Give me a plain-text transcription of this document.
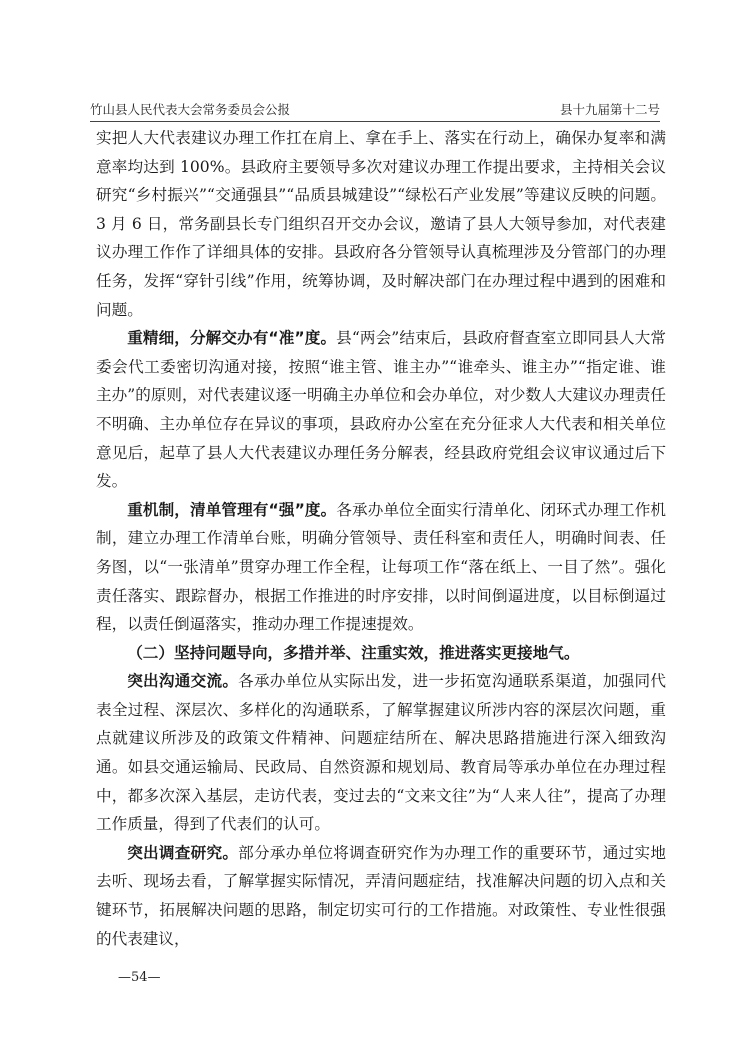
竹山县人民代表大会常务委员会公报	县十九届第十二号

实把人大代表建议办理工作扛在肩上、拿在手上、落实在行动上，确保办复率和满意率均达到 100%。县政府主要领导多次对建议办理工作提出要求，主持相关会议研究“乡村振兴”“交通强县”“品质县城建设”“绿松石产业发展”等建议反映的问题。3 月 6 日，常务副县长专门组织召开交办会议，邀请了县人大领导参加，对代表建议办理工作作了详细具体的安排。县政府各分管领导认真梳理涉及分管部门的办理任务，发挥“穿针引线”作用，统筹协调，及时解决部门在办理过程中遇到的困难和问题。

重精细，分解交办有“准”度。县“两会”结束后，县政府督查室立即同县人大常委会代工委密切沟通对接，按照“谁主管、谁主办”“谁牵头、谁主办”“指定谁、谁主办”的原则，对代表建议逐一明确主办单位和会办单位，对少数人大建议办理责任不明确、主办单位存在异议的事项，县政府办公室在充分征求人大代表和相关单位意见后，起草了县人大代表建议办理任务分解表，经县政府党组会议审议通过后下发。

重机制，清单管理有“强”度。各承办单位全面实行清单化、闭环式办理工作机制，建立办理工作清单台账，明确分管领导、责任科室和责任人，明确时间表、任务图，以“一张清单”贯穿办理工作全程，让每项工作“落在纸上、一目了然”。强化责任落实、跟踪督办，根据工作推进的时序安排，以时间倒逼进度，以目标倒逼过程，以责任倒逼落实，推动办理工作提速提效。

（二）坚持问题导向，多措并举、注重实效，推进落实更接地气。

突出沟通交流。各承办单位从实际出发，进一步拓宽沟通联系渠道，加强同代表全过程、深层次、多样化的沟通联系，了解掌握建议所涉内容的深层次问题，重点就建议所涉及的政策文件精神、问题症结所在、解决思路措施进行深入细致沟通。如县交通运输局、民政局、自然资源和规划局、教育局等承办单位在办理过程中，都多次深入基层，走访代表，变过去的“文来文往”为“人来人往”，提高了办理工作质量，得到了代表们的认可。

突出调查研究。部分承办单位将调查研究作为办理工作的重要环节，通过实地去听、现场去看，了解掌握实际情况，弄清问题症结，找准解决问题的切入点和关键环节，拓展解决问题的思路，制定切实可行的工作措施。对政策性、专业性很强的代表建议，

—54—
